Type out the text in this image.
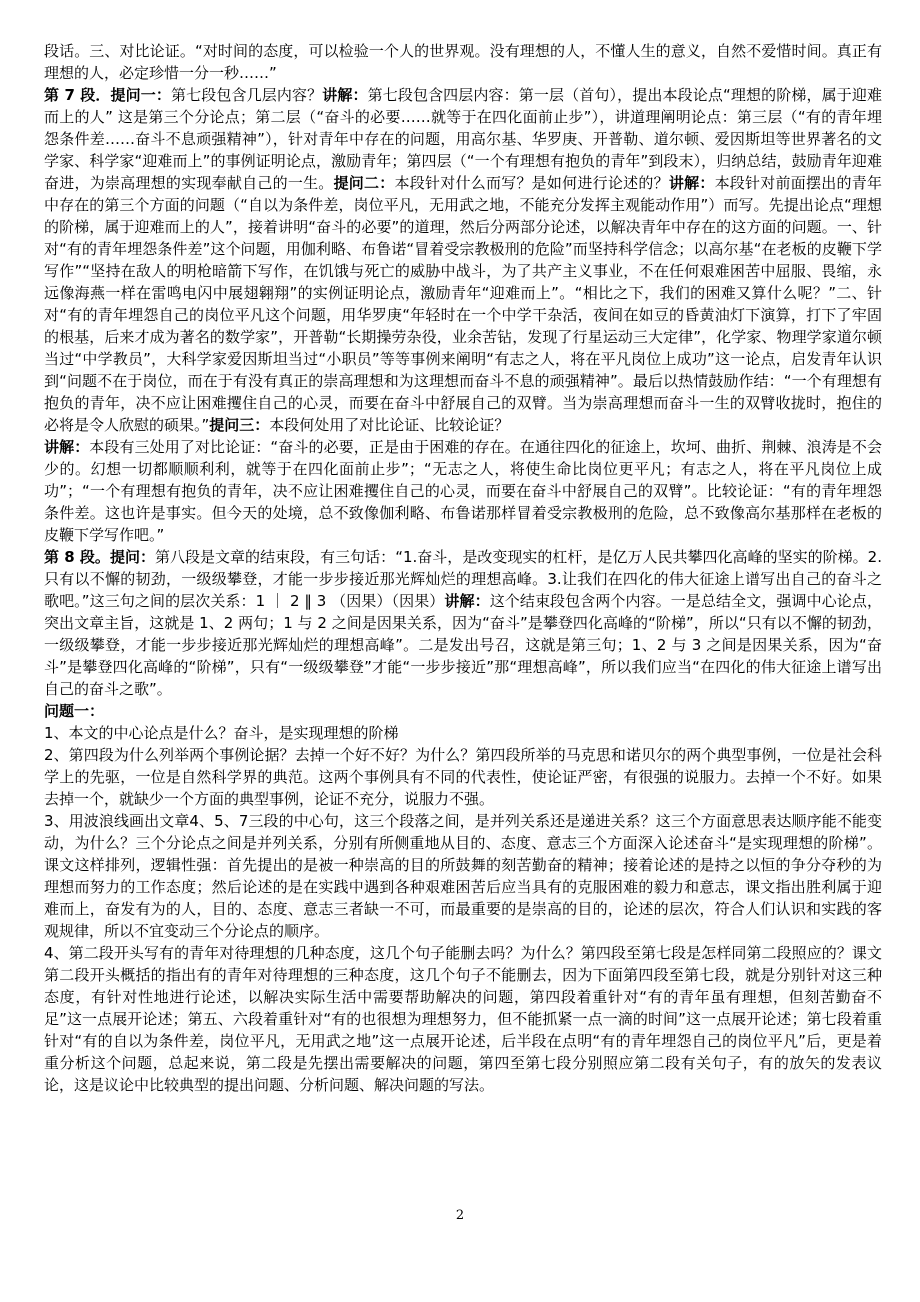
段话。三、对比论证。“对时间的态度，可以检验一个人的世界观。没有理想的人，不懂人生的意义，自然不爱惜时间。真正有理想的人，必定珍惜一分一秒……”

第 7 段．提问一：第七段包含几层内容？讲解：第七段包含四层内容：第一层（首句），提出本段论点“理想的阶梯，属于迎难而上的人” 这是第三个分论点；第二层（“奋斗的必要……就等于在四化面前止步”），讲道理阐明论点：第三层（“有的青年埋怨条件差……奋斗不息顽强精神”），针对青年中存在的问题，用高尔基、华罗庚、开普勒、道尔顿、爱因斯坦等世界著名的文学家、科学家“迎难而上”的事例证明论点，激励青年；第四层（“一个有理想有抱负的青年”到段末），归纳总结，鼓励青年迎难奋进，为崇高理想的实现奉献自己的一生。提问二：本段针对什么而写？是如何进行论述的？讲解：本段针对前面摆出的青年中存在的第三个方面的问题（“自以为条件差，岗位平凡，无用武之地，不能充分发挥主观能动作用”）而写。先提出论点“理想的阶梯，属于迎难而上的人”，接着讲明“奋斗的必要”的道理，然后分两部分论述，以解决青年中存在的这方面的问题。一、针对“有的青年埋怨条件差”这个问题，用伽利略、布鲁诺“冒着受宗教极刑的危险”而坚持科学信念；以高尔基“在老板的皮鞭下学写作”“坚持在敌人的明枪暗箭下写作，在饥饿与死亡的威胁中战斗，为了共产主义事业，不在任何艰难困苦中屈服、畏缩，永远像海燕一样在雷鸣电闪中展翅翱翔”的实例证明论点，激励青年“迎难而上”。“相比之下，我们的困难又算什么呢？”二、针对“有的青年埋怨自己的岗位平凡这个问题，用华罗庚“年轻时在一个中学干杂活，夜间在如豆的昏黄油灯下演算，打下了牢固的根基，后来才成为著名的数学家”，开普勒“长期操劳杂役，业余苦钻，发现了行星运动三大定律”，化学家、物理学家道尔顿当过“中学教员”，大科学家爱因斯坦当过“小职员”等等事例来阐明“有志之人，将在平凡岗位上成功”这一论点，启发青年认识到“问题不在于岗位，而在于有没有真正的崇高理想和为这理想而奋斗不息的顽强精神”。最后以热情鼓励作结：“一个有理想有抱负的青年，决不应让困难攫住自己的心灵，而要在奋斗中舒展自己的双臂。当为崇高理想而奋斗一生的双臂收拢时，抱住的必将是令人欣慰的硕果。”提问三：本段何处用了对比论证、比较论证？

讲解：本段有三处用了对比论证：“奋斗的必要，正是由于困难的存在。在通往四化的征途上，坎坷、曲折、荆棘、浪涛是不会少的。幻想一切都顺顺利利，就等于在四化面前止步”；“无志之人，将使生命比岗位更平凡；有志之人，将在平凡岗位上成功”；“一个有理想有抱负的青年，决不应让困难攫住自己的心灵，而要在奋斗中舒展自己的双臂”。比较论证：“有的青年埋怨条件差。这也许是事实。但今天的处境，总不致像伽利略、布鲁诺那样冒着受宗教极刑的危险，总不致像高尔基那样在老板的皮鞭下学写作吧。”

第 8 段。提问：第八段是文章的结束段，有三句话：“1.奋斗，是改变现实的杠杆，是亿万人民共攀四化高峰的坚实的阶梯。2.只有以不懈的韧劲，一级级攀登，才能一步步接近那光辉灿烂的理想高峰。3.让我们在四化的伟大征途上谱写出自己的奋斗之歌吧。”这三句之间的层次关系：1 ｜ 2 ‖ 3 （因果）（因果）讲解：这个结束段包含两个内容。一是总结全文，强调中心论点，突出文章主旨，这就是 1、2 两句；1 与 2 之间是因果关系，因为“奋斗”是攀登四化高峰的“阶梯”，所以“只有以不懈的韧劲，一级级攀登，才能一步步接近那光辉灿烂的理想高峰”。二是发出号召，这就是第三句；1、2 与 3 之间是因果关系，因为“奋斗”是攀登四化高峰的“阶梯”，只有“一级级攀登”才能“一步步接近”那“理想高峰”，所以我们应当“在四化的伟大征途上谱写出自己的奋斗之歌”。

问题一：

1、本文的中心论点是什么？奋斗，是实现理想的阶梯

2、第四段为什么列举两个事例论据？去掉一个好不好？为什么？第四段所举的马克思和诺贝尔的两个典型事例，一位是社会科学上的先驱，一位是自然科学界的典范。这两个事例具有不同的代表性，使论证严密，有很强的说服力。去掉一个不好。如果去掉一个，就缺少一个方面的典型事例，论证不充分，说服力不强。

3、用波浪线画出文章4、5、7三段的中心句，这三个段落之间，是并列关系还是递进关系？这三个方面意思表达顺序能不能变动，为什么？三个分论点之间是并列关系，分别有所侧重地从目的、态度、意志三个方面深入论述奋斗“是实现理想的阶梯”。课文这样排列，逻辑性强：首先提出的是被一种崇高的目的所鼓舞的刻苦勤奋的精神；接着论述的是持之以恒的争分夺秒的为理想而努力的工作态度；然后论述的是在实践中遇到各种艰难困苦后应当具有的克服困难的毅力和意志，课文指出胜利属于迎难而上，奋发有为的人，目的、态度、意志三者缺一不可，而最重要的是崇高的目的，论述的层次，符合人们认识和实践的客观规律，所以不宜变动三个分论点的顺序。

4、第二段开头写有的青年对待理想的几种态度，这几个句子能删去吗？为什么？第四段至第七段是怎样同第二段照应的？课文第二段开头概括的指出有的青年对待理想的三种态度，这几个句子不能删去，因为下面第四段至第七段，就是分别针对这三种态度，有针对性地进行论述，以解决实际生活中需要帮助解决的问题，第四段着重针对“有的青年虽有理想，但刻苦勤奋不足”这一点展开论述；第五、六段着重针对“有的也很想为理想努力，但不能抓紧一点一滴的时间”这一点展开论述；第七段着重针对“有的自以为条件差，岗位平凡，无用武之地”这一点展开论述，后半段在点明“有的青年埋怨自己的岗位平凡”后，更是着重分析这个问题，总起来说，第二段是先摆出需要解决的问题，第四至第七段分别照应第二段有关句子，有的放矢的发表议论，这是议论中比较典型的提出问题、分析问题、解决问题的写法。

2
